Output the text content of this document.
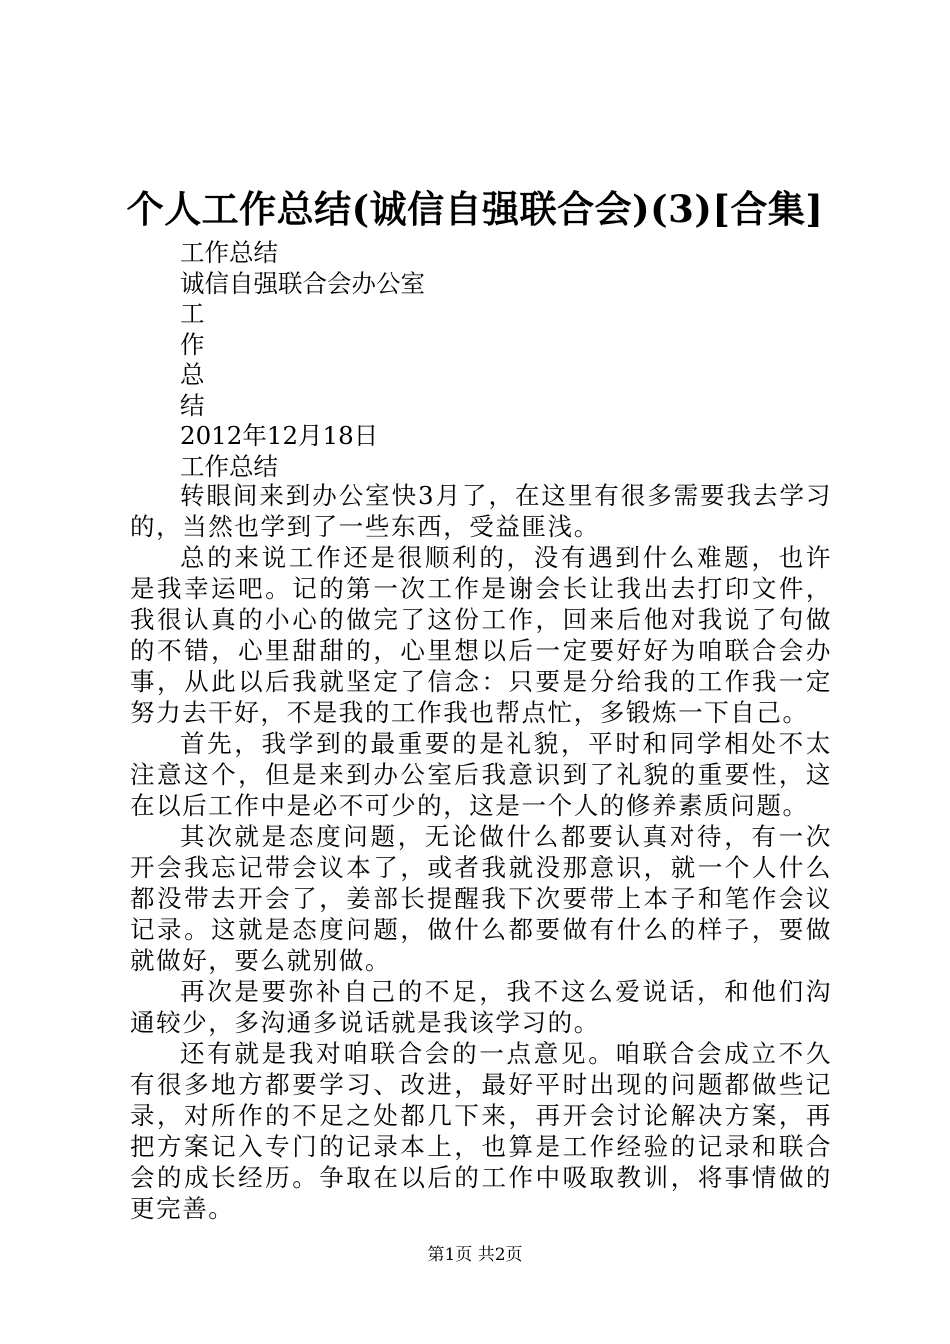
个人工作总结(诚信自强联合会)(3)[合集]
工作总结
诚信自强联合会办公室
工
作
总
结
2012年12月18日
工作总结

转眼间来到办公室快3月了，在这里有很多需要我去学习的，当然也学到了一些东西，受益匪浅。

总的来说工作还是很顺利的，没有遇到什么难题，也许是我幸运吧。记的第一次工作是谢会长让我出去打印文件，我很认真的小心的做完了这份工作，回来后他对我说了句做的不错，心里甜甜的，心里想以后一定要好好为咱联合会办事，从此以后我就坚定了信念：只要是分给我的工作我一定努力去干好，不是我的工作我也帮点忙，多锻炼一下自己。

首先，我学到的最重要的是礼貌，平时和同学相处不太注意这个，但是来到办公室后我意识到了礼貌的重要性，这在以后工作中是必不可少的，这是一个人的修养素质问题。

其次就是态度问题，无论做什么都要认真对待，有一次开会我忘记带会议本了，或者我就没那意识，就一个人什么都没带去开会了，姜部长提醒我下次要带上本子和笔作会议记录。这就是态度问题，做什么都要做有什么的样子，要做就做好，要么就别做。

再次是要弥补自己的不足，我不这么爱说话，和他们沟通较少，多沟通多说话就是我该学习的。

还有就是我对咱联合会的一点意见。咱联合会成立不久有很多地方都要学习、改进，最好平时出现的问题都做些记录，对所作的不足之处都几下来，再开会讨论解决方案，再把方案记入专门的记录本上，也算是工作经验的记录和联合会的成长经历。争取在以后的工作中吸取教训，将事情做的更完善。

第1页 共2页
